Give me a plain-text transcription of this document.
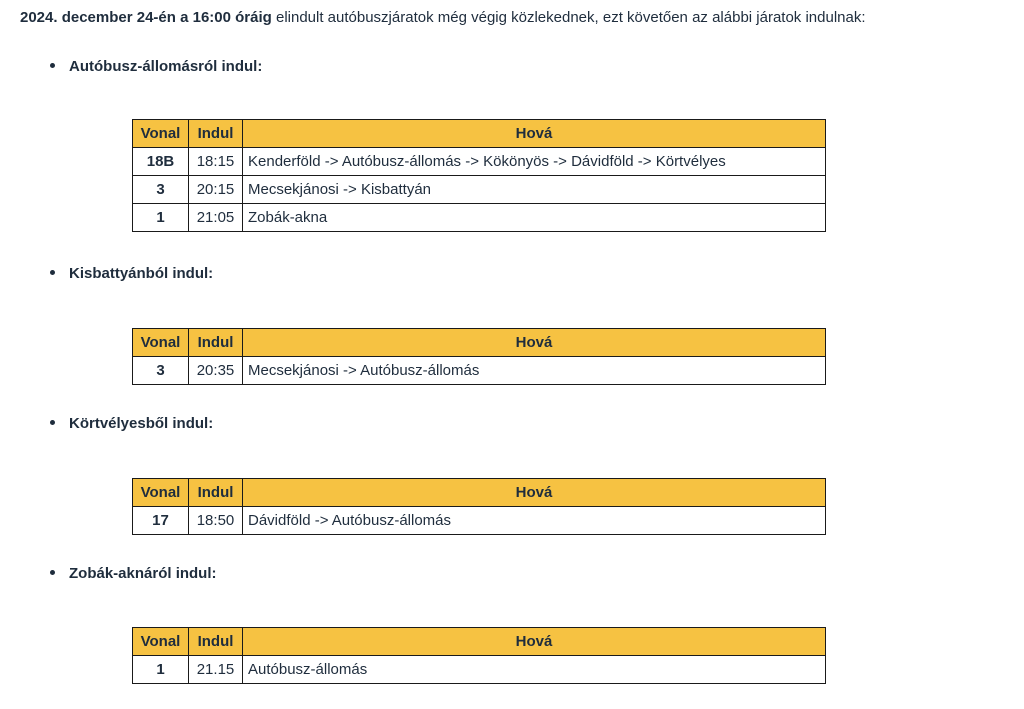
2024. december 24-én a 16:00 óráig elindult autóbuszjáratok még végig közlekednek, ezt követően az alábbi járatok indulnak:
Autóbusz-állomásról indul:
Vonal	Indul	Hová
18B	18:15	Kenderföld -> Autóbusz-állomás -> Kökönyös -> Dávidföld -> Körtvélyes
3	20:15	Mecsekjánosi -> Kisbattyán
1	21:05	Zobák-akna
Kisbattyánból indul:
Vonal	Indul	Hová
3	20:35	Mecsekjánosi -> Autóbusz-állomás
Körtvélyesből indul:
Vonal	Indul	Hová
17	18:50	Dávidföld -> Autóbusz-állomás
Zobák-aknáról indul:
Vonal	Indul	Hová
1	21.15	Autóbusz-állomás
